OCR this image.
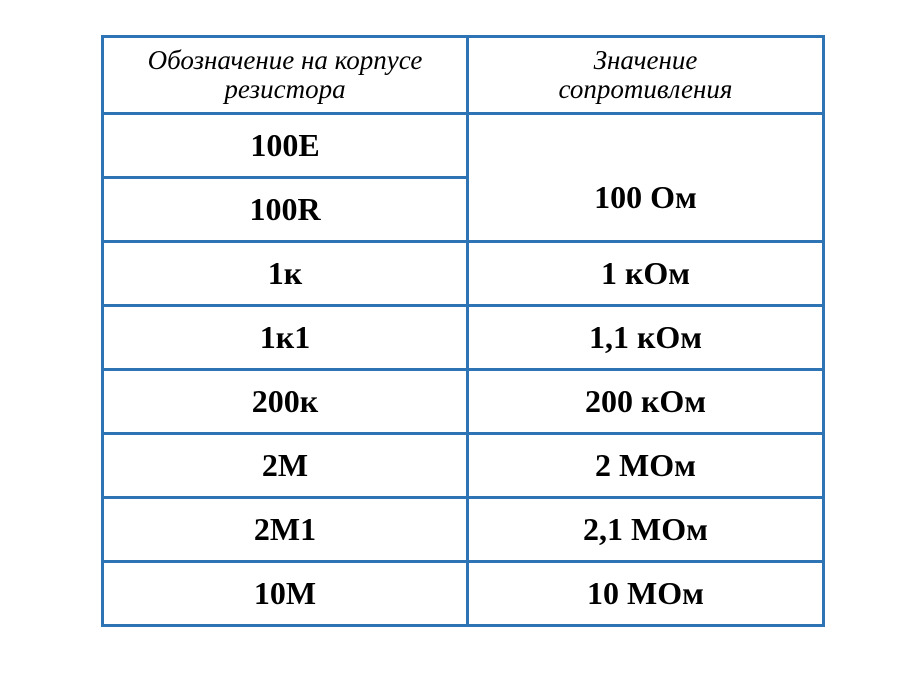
Обозначение на корпусе
резистора	Значение
сопротивления

100E	100 Ом
100R	
1к	1 кОм
1к1	1,1 кОм
200к	200 кОм
2М	2 МОм
2М1	2,1 МОм
10М	10 МОм
